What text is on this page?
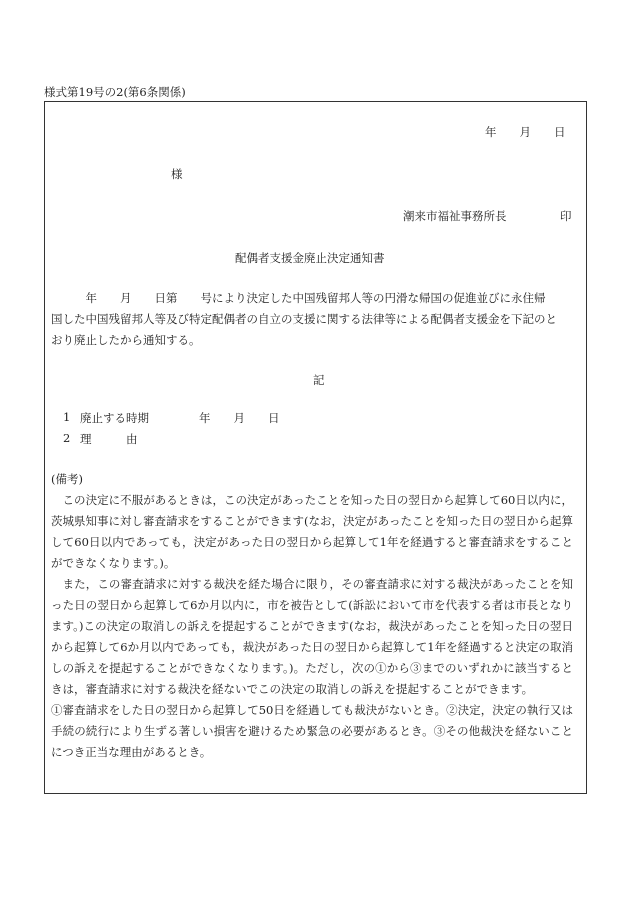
様式第19号の2(第6条関係)
年　　月　　日
様
潮来市福祉事務所長	印
配偶者支援金廃止決定通知書
　　　年　　月　　日第　　号により決定した中国残留邦人等の円滑な帰国の促進並びに永住帰
国した中国残留邦人等及び特定配偶者の自立の支援に関する法律等による配偶者支援金を下記のと
おり廃止したから通知する。
記
1 廃止する時期	年　　月　　日
2 理　　　由
(備考)
この決定に不服があるときは，この決定があったことを知った日の翌日から起算して60日以内に，茨城県知事に対し審査請求をすることができます(なお，決定があったことを知った日の翌日から起算して60日以内であっても，決定があった日の翌日から起算して1年を経過すると審査請求をすることができなくなります。)。
また，この審査請求に対する裁決を経た場合に限り，その審査請求に対する裁決があったことを知った日の翌日から起算して6か月以内に，市を被告として(訴訟において市を代表する者は市長となります。)この決定の取消しの訴えを提起することができます(なお，裁決があったことを知った日の翌日から起算して6か月以内であっても，裁決があった日の翌日から起算して1年を経過すると決定の取消しの訴えを提起することができなくなります。)。ただし，次の①から③までのいずれかに該当するときは，審査請求に対する裁決を経ないでこの決定の取消しの訴えを提起することができます。
①審査請求をした日の翌日から起算して50日を経過しても裁決がないとき。②決定，決定の執行又は手続の続行により生ずる著しい損害を避けるため緊急の必要があるとき。③その他裁決を経ないことにつき正当な理由があるとき。
